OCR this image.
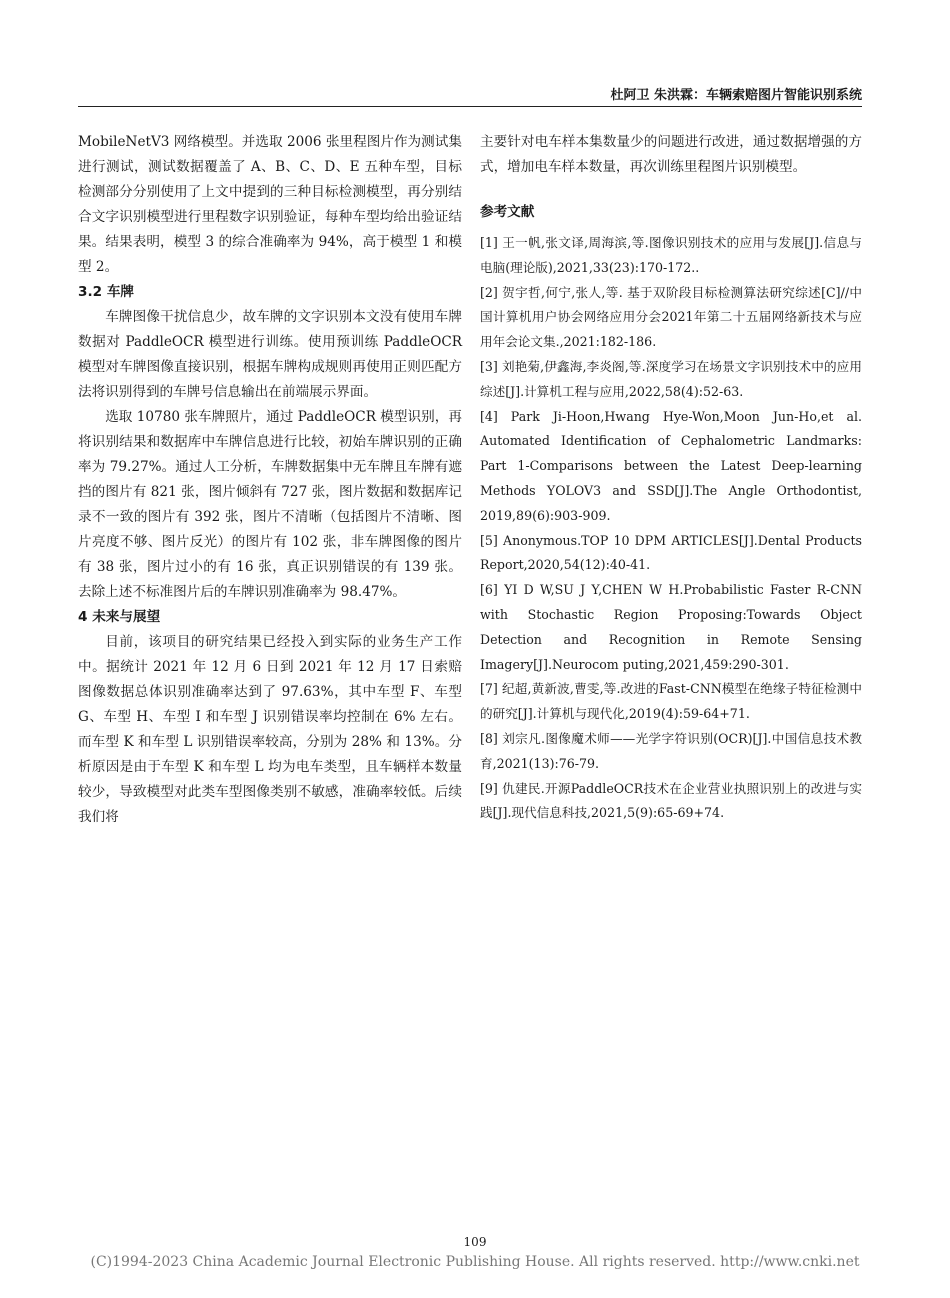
杜阿卫 朱洪霖：车辆索赔图片智能识别系统

MobileNetV3 网络模型。并选取 2006 张里程图片作为测试集进行测试，测试数据覆盖了 A、B、C、D、E 五种车型，目标检测部分分别使用了上文中提到的三种目标检测模型，再分别结合文字识别模型进行里程数字识别验证，每种车型均给出验证结果。结果表明，模型 3 的综合准确率为 94%，高于模型 1 和模型 2。

3.2 车牌

车牌图像干扰信息少，故车牌的文字识别本文没有使用车牌数据对 PaddleOCR 模型进行训练。使用预训练 PaddleOCR 模型对车牌图像直接识别，根据车牌构成规则再使用正则匹配方法将识别得到的车牌号信息输出在前端展示界面。

选取 10780 张车牌照片，通过 PaddleOCR 模型识别，再将识别结果和数据库中车牌信息进行比较，初始车牌识别的正确率为 79.27%。通过人工分析，车牌数据集中无车牌且车牌有遮挡的图片有 821 张，图片倾斜有 727 张，图片数据和数据库记录不一致的图片有 392 张，图片不清晰（包括图片不清晰、图片亮度不够、图片反光）的图片有 102 张，非车牌图像的图片有 38 张，图片过小的有 16 张，真正识别错误的有 139 张。去除上述不标准图片后的车牌识别准确率为 98.47%。

4 未来与展望

目前，该项目的研究结果已经投入到实际的业务生产工作中。据统计 2021 年 12 月 6 日到 2021 年 12 月 17 日索赔图像数据总体识别准确率达到了 97.63%，其中车型 F、车型 G、车型 H、车型 I 和车型 J 识别错误率均控制在 6% 左右。而车型 K 和车型 L 识别错误率较高，分别为 28% 和 13%。分析原因是由于车型 K 和车型 L 均为电车类型，且车辆样本数量较少，导致模型对此类车型图像类别不敏感，准确率较低。后续我们将

主要针对电车样本集数量少的问题进行改进，通过数据增强的方式，增加电车样本数量，再次训练里程图片识别模型。

参考文献

[1] 王一帆,张文译,周海滨,等.图像识别技术的应用与发展[J].信息与电脑(理论版),2021,33(23):170-172..

[2] 贺宇哲,何宁,张人,等. 基于双阶段目标检测算法研究综述[C]//中国计算机用户协会网络应用分会2021年第二十五届网络新技术与应用年会论文集.,2021:182-186.

[3] 刘艳菊,伊鑫海,李炎阁,等.深度学习在场景文字识别技术中的应用综述[J].计算机工程与应用,2022,58(4):52-63.

[4] Park Ji-Hoon,Hwang Hye-Won,Moon Jun-Ho,et al. Automated Identification of Cephalometric Landmarks: Part 1-Comparisons between the Latest Deep-learning Methods YOLOV3 and SSD[J].The Angle Orthodontist, 2019,89(6):903-909.

[5] Anonymous.TOP 10 DPM ARTICLES[J].Dental Products Report,2020,54(12):40-41.

[6] YI D W,SU J Y,CHEN W H.Probabilistic Faster R-CNN with Stochastic Region Proposing:Towards Object Detection and Recognition in Remote Sensing Imagery[J].Neurocom puting,2021,459:290-301.

[7] 纪超,黄新波,曹雯,等.改进的Fast-CNN模型在绝缘子特征检测中的研究[J].计算机与现代化,2019(4):59-64+71.

[8] 刘宗凡.图像魔术师——光学字符识别(OCR)[J].中国信息技术教育,2021(13):76-79.

[9] 仇建民.开源PaddleOCR技术在企业营业执照识别上的改进与实践[J].现代信息科技,2021,5(9):65-69+74.

109
(C)1994-2023 China Academic Journal Electronic Publishing House. All rights reserved. http://www.cnki.net
